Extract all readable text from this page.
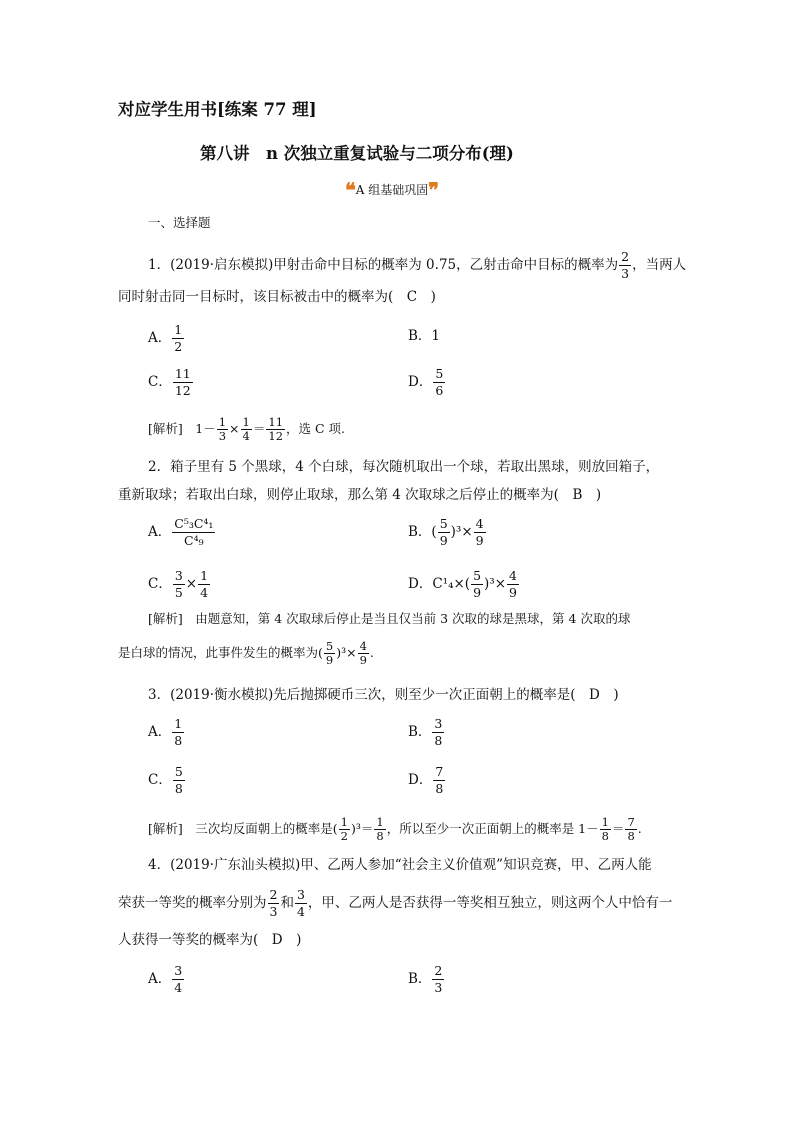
对应学生用书[练案 77 理]
第八讲　n 次独立重复试验与二项分布(理)
❝A 组基础巩固❞
一、选择题
1．(2019·启东模拟)甲射击命中目标的概率为 0.75，乙射击命中目标的概率为 $\frac{2}{3}$ ，当两人
同时射击同一目标时，该目标被击中的概率为(　C　)
A． $\frac{1}{2}$	B．1
C． $\frac{11}{12}$	D． $\frac{5}{6}$
[解析]　$1- \frac{1}{3} \times \frac{1}{4} = \frac{11}{12}$ ，选 C 项.
2．箱子里有 5 个黑球，4 个白球，每次随机取出一个球，若取出黑球，则放回箱子，
重新取球；若取出白球，则停止取球，那么第 4 次取球之后停止的概率为(　B　)
A． $\frac{\text{C⁵₃C⁴₁}}{\text{C⁴₉}}$	B．( $\frac{5}{9} )^3\times \frac{4}{9}$
C． $\frac{3}{5} \times \frac{1}{4}$	D．$C^1_4\times( \frac{5}{9} )^3\times \frac{4}{9}$
[解析]　由题意知，第 4 次取球后停止是当且仅当前 3 次取的球是黑球，第 4 次取的球
是白球的情况，此事件发生的概率为( $\frac{5}{9} )^3\times \frac{4}{9}$ .
3．(2019·衡水模拟)先后抛掷硬币三次，则至少一次正面朝上的概率是(　D　)
A． $\frac{1}{8}$	B． $\frac{3}{8}$
C． $\frac{5}{8}$	D． $\frac{7}{8}$
[解析]　三次均反面朝上的概率是( $\frac{1}{2} )^3= \frac{1}{8}$ ，所以至少一次正面朝上的概率是 $1- \frac{1}{8} = \frac{7}{8}$ .
4．(2019·广东汕头模拟)甲、乙两人参加“社会主义价值观”知识竞赛，甲、乙两人能
荣获一等奖的概率分别为 $\frac{2}{3}$ 和 $\frac{3}{4}$ ，甲、乙两人是否获得一等奖相互独立，则这两个人中恰有一
人获得一等奖的概率为(　D　)
A． $\frac{3}{4}$	B． $\frac{2}{3}$
